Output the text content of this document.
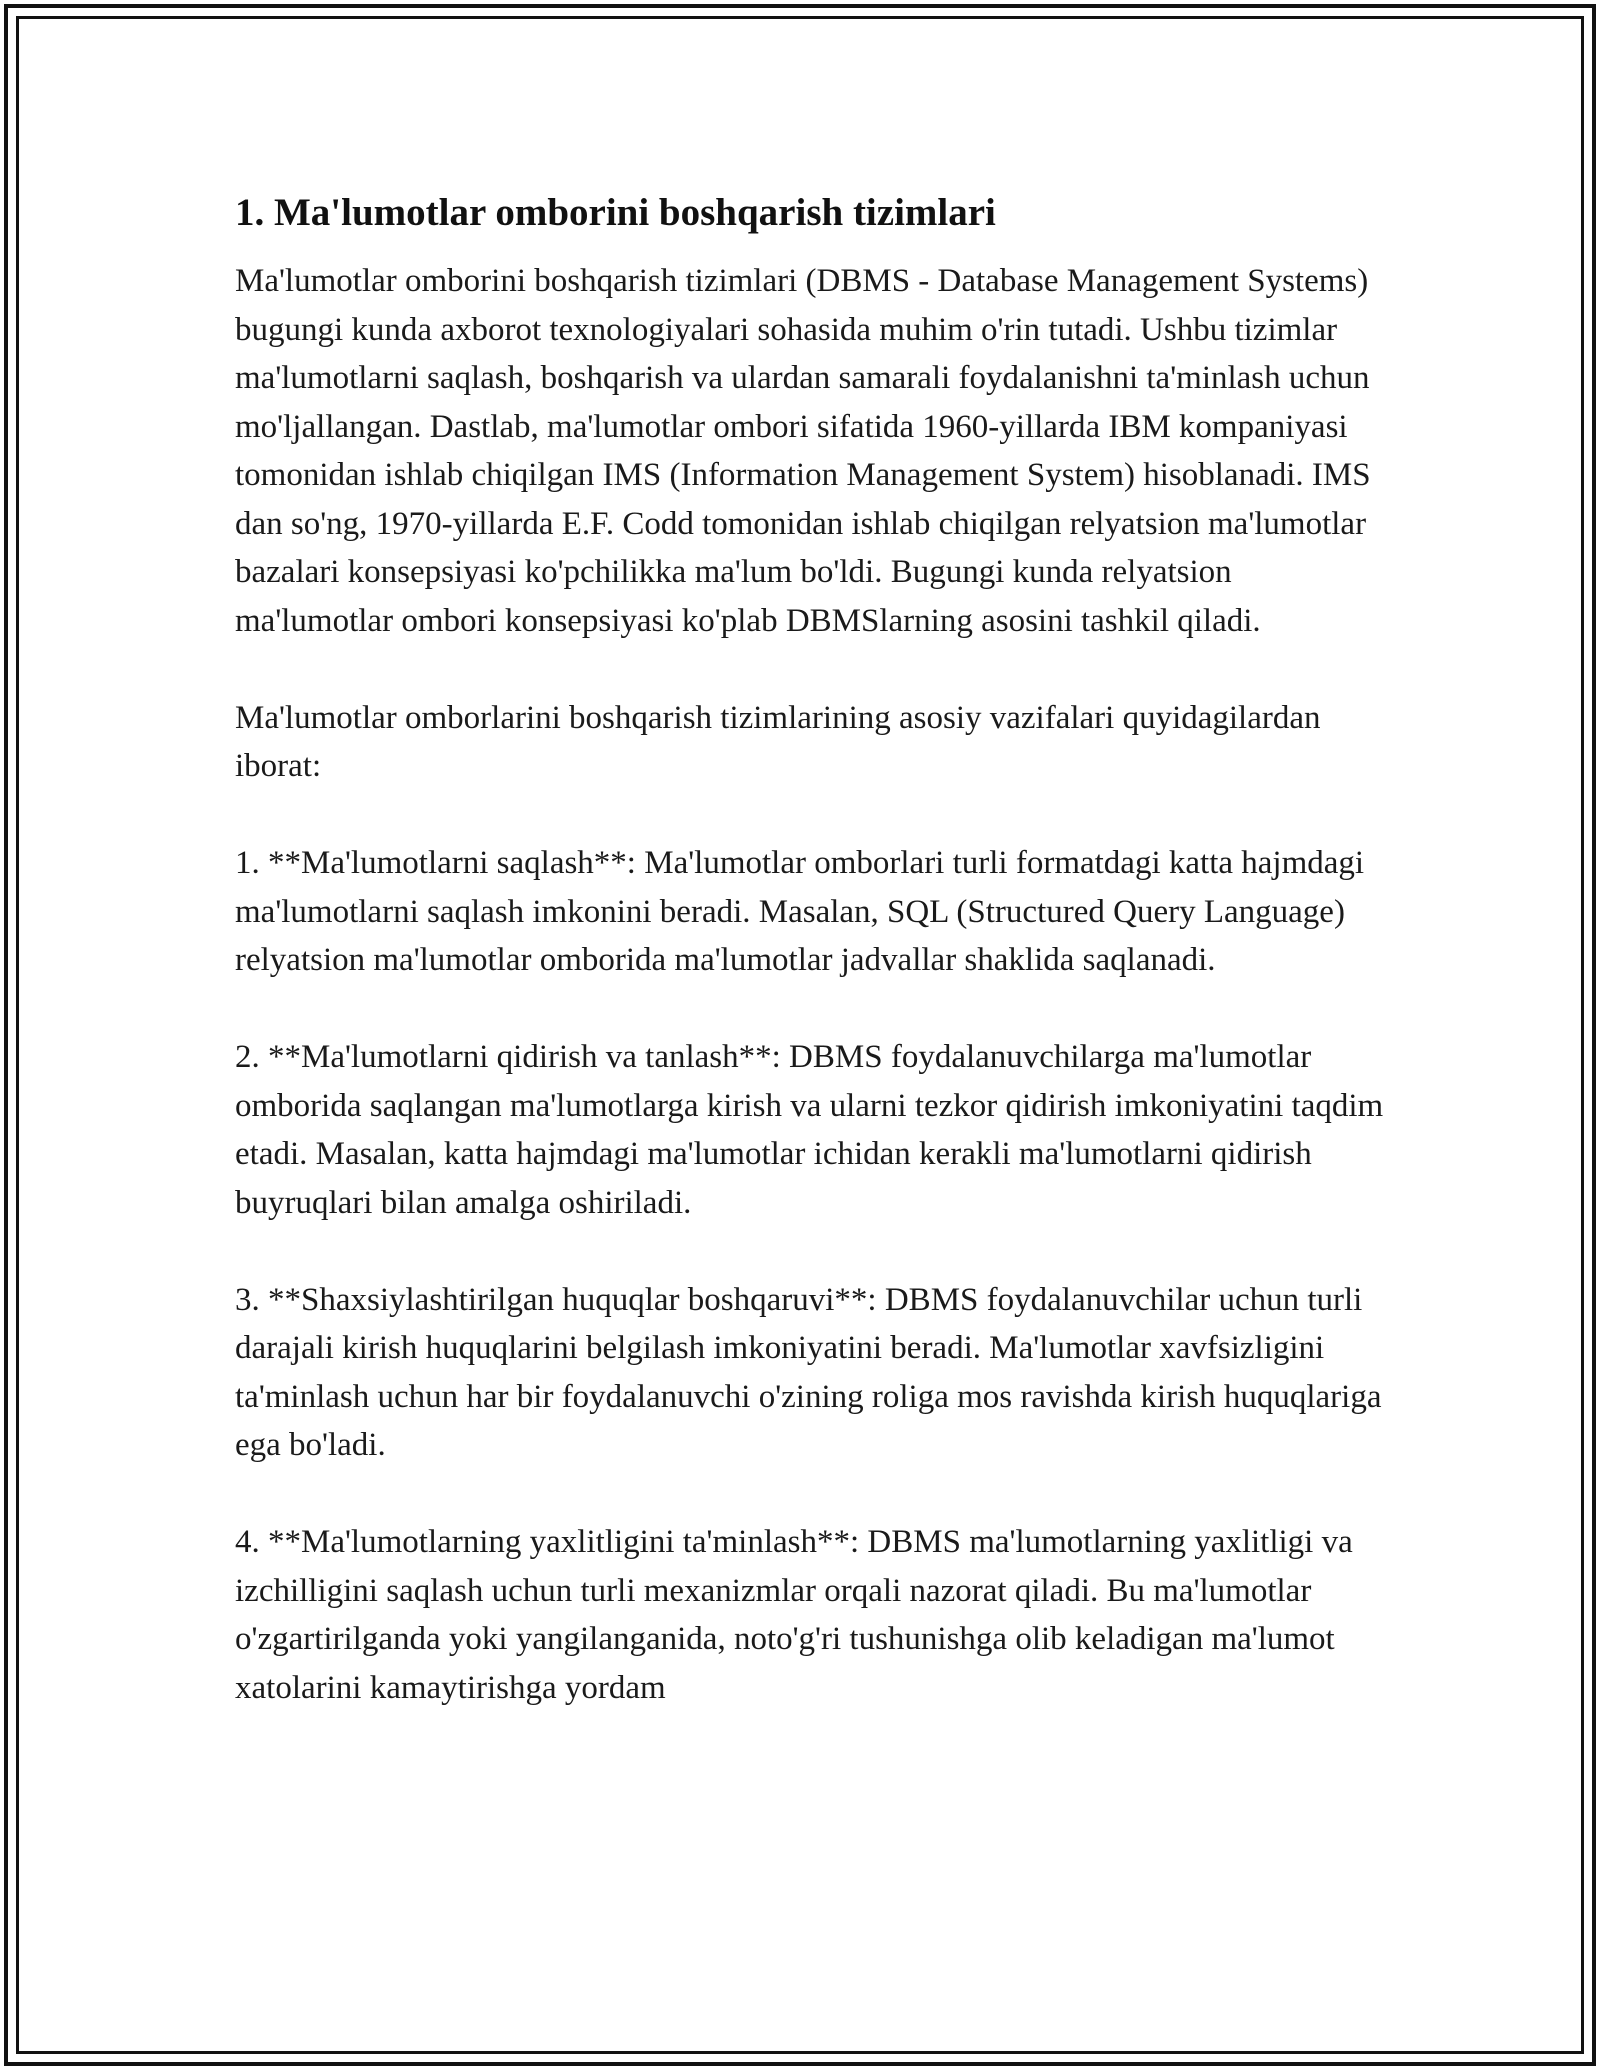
1. Ma'lumotlar omborini boshqarish tizimlari

Ma'lumotlar omborini boshqarish tizimlari (DBMS - Database Management Systems) bugungi kunda axborot texnologiyalari sohasida muhim o'rin tutadi. Ushbu tizimlar ma'lumotlarni saqlash, boshqarish va ulardan samarali foydalanishni ta'minlash uchun mo'ljallangan. Dastlab, ma'lumotlar ombori sifatida 1960-yillarda IBM kompaniyasi tomonidan ishlab chiqilgan IMS (Information Management System) hisoblanadi. IMS dan so'ng, 1970-yillarda E.F. Codd tomonidan ishlab chiqilgan relyatsion ma'lumotlar bazalari konsepsiyasi ko'pchilikka ma'lum bo'ldi. Bugungi kunda relyatsion ma'lumotlar ombori konsepsiyasi ko'plab DBMSlarning asosini tashkil qiladi.

Ma'lumotlar omborlarini boshqarish tizimlarining asosiy vazifalari quyidagilardan iborat:

1. **Ma'lumotlarni saqlash**: Ma'lumotlar omborlari turli formatdagi katta hajmdagi ma'lumotlarni saqlash imkonini beradi. Masalan, SQL (Structured Query Language) relyatsion ma'lumotlar omborida ma'lumotlar jadvallar shaklida saqlanadi.

2. **Ma'lumotlarni qidirish va tanlash**: DBMS foydalanuvchilarga ma'lumotlar omborida saqlangan ma'lumotlarga kirish va ularni tezkor qidirish imkoniyatini taqdim etadi. Masalan, katta hajmdagi ma'lumotlar ichidan kerakli ma'lumotlarni qidirish buyruqlari bilan amalga oshiriladi.

3. **Shaxsiylashtirilgan huquqlar boshqaruvi**: DBMS foydalanuvchilar uchun turli darajali kirish huquqlarini belgilash imkoniyatini beradi. Ma'lumotlar xavfsizligini ta'minlash uchun har bir foydalanuvchi o'zining roliga mos ravishda kirish huquqlariga ega bo'ladi.

4. **Ma'lumotlarning yaxlitligini ta'minlash**: DBMS ma'lumotlarning yaxlitligi va izchilligini saqlash uchun turli mexanizmlar orqali nazorat qiladi. Bu ma'lumotlar o'zgartirilganda yoki yangilanganida, noto'g'ri tushunishga olib keladigan ma'lumot xatolarini kamaytirishga yordam
